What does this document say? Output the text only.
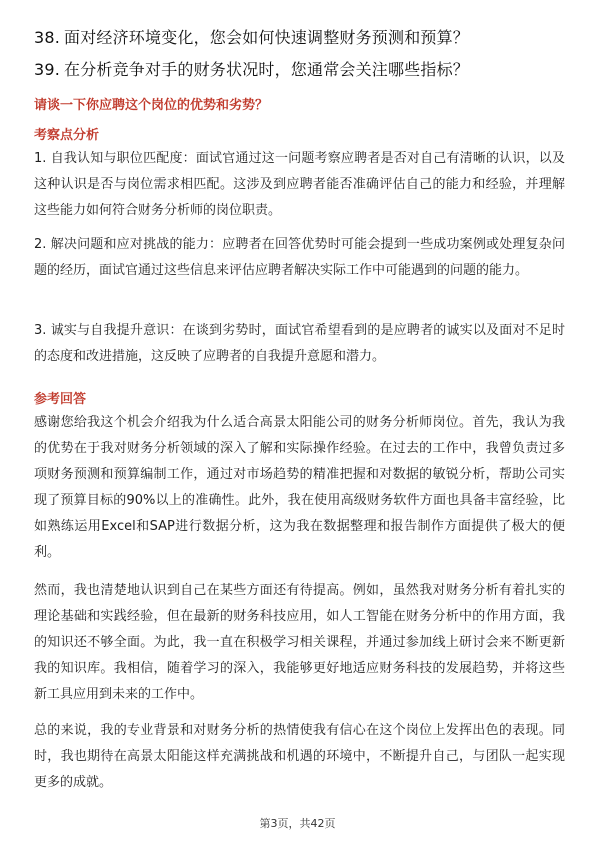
38. 面对经济环境变化，您会如何快速调整财务预测和预算？
39. 在分析竞争对手的财务状况时，您通常会关注哪些指标？
请谈一下你应聘这个岗位的优势和劣势？
考察点分析

1. 自我认知与职位匹配度：面试官通过这一问题考察应聘者是否对自己有清晰的认识，以及这种认识是否与岗位需求相匹配。这涉及到应聘者能否准确评估自己的能力和经验，并理解这些能力如何符合财务分析师的岗位职责。

2. 解决问题和应对挑战的能力：应聘者在回答优势时可能会提到一些成功案例或处理复杂问题的经历，面试官通过这些信息来评估应聘者解决实际工作中可能遇到的问题的能力。

3. 诚实与自我提升意识：在谈到劣势时，面试官希望看到的是应聘者的诚实以及面对不足时的态度和改进措施，这反映了应聘者的自我提升意愿和潜力。

参考回答

感谢您给我这个机会介绍我为什么适合高景太阳能公司的财务分析师岗位。首先，我认为我的优势在于我对财务分析领域的深入了解和实际操作经验。在过去的工作中，我曾负责过多项财务预测和预算编制工作，通过对市场趋势的精准把握和对数据的敏锐分析，帮助公司实现了预算目标的90%以上的准确性。此外，我在使用高级财务软件方面也具备丰富经验，比如熟练运用Excel和SAP进行数据分析，这为我在数据整理和报告制作方面提供了极大的便利。

然而，我也清楚地认识到自己在某些方面还有待提高。例如，虽然我对财务分析有着扎实的理论基础和实践经验，但在最新的财务科技应用，如人工智能在财务分析中的作用方面，我的知识还不够全面。为此，我一直在积极学习相关课程，并通过参加线上研讨会来不断更新我的知识库。我相信，随着学习的深入，我能够更好地适应财务科技的发展趋势，并将这些新工具应用到未来的工作中。

总的来说，我的专业背景和对财务分析的热情使我有信心在这个岗位上发挥出色的表现。同时，我也期待在高景太阳能这样充满挑战和机遇的环境中，不断提升自己，与团队一起实现更多的成就。

第3页，共42页
